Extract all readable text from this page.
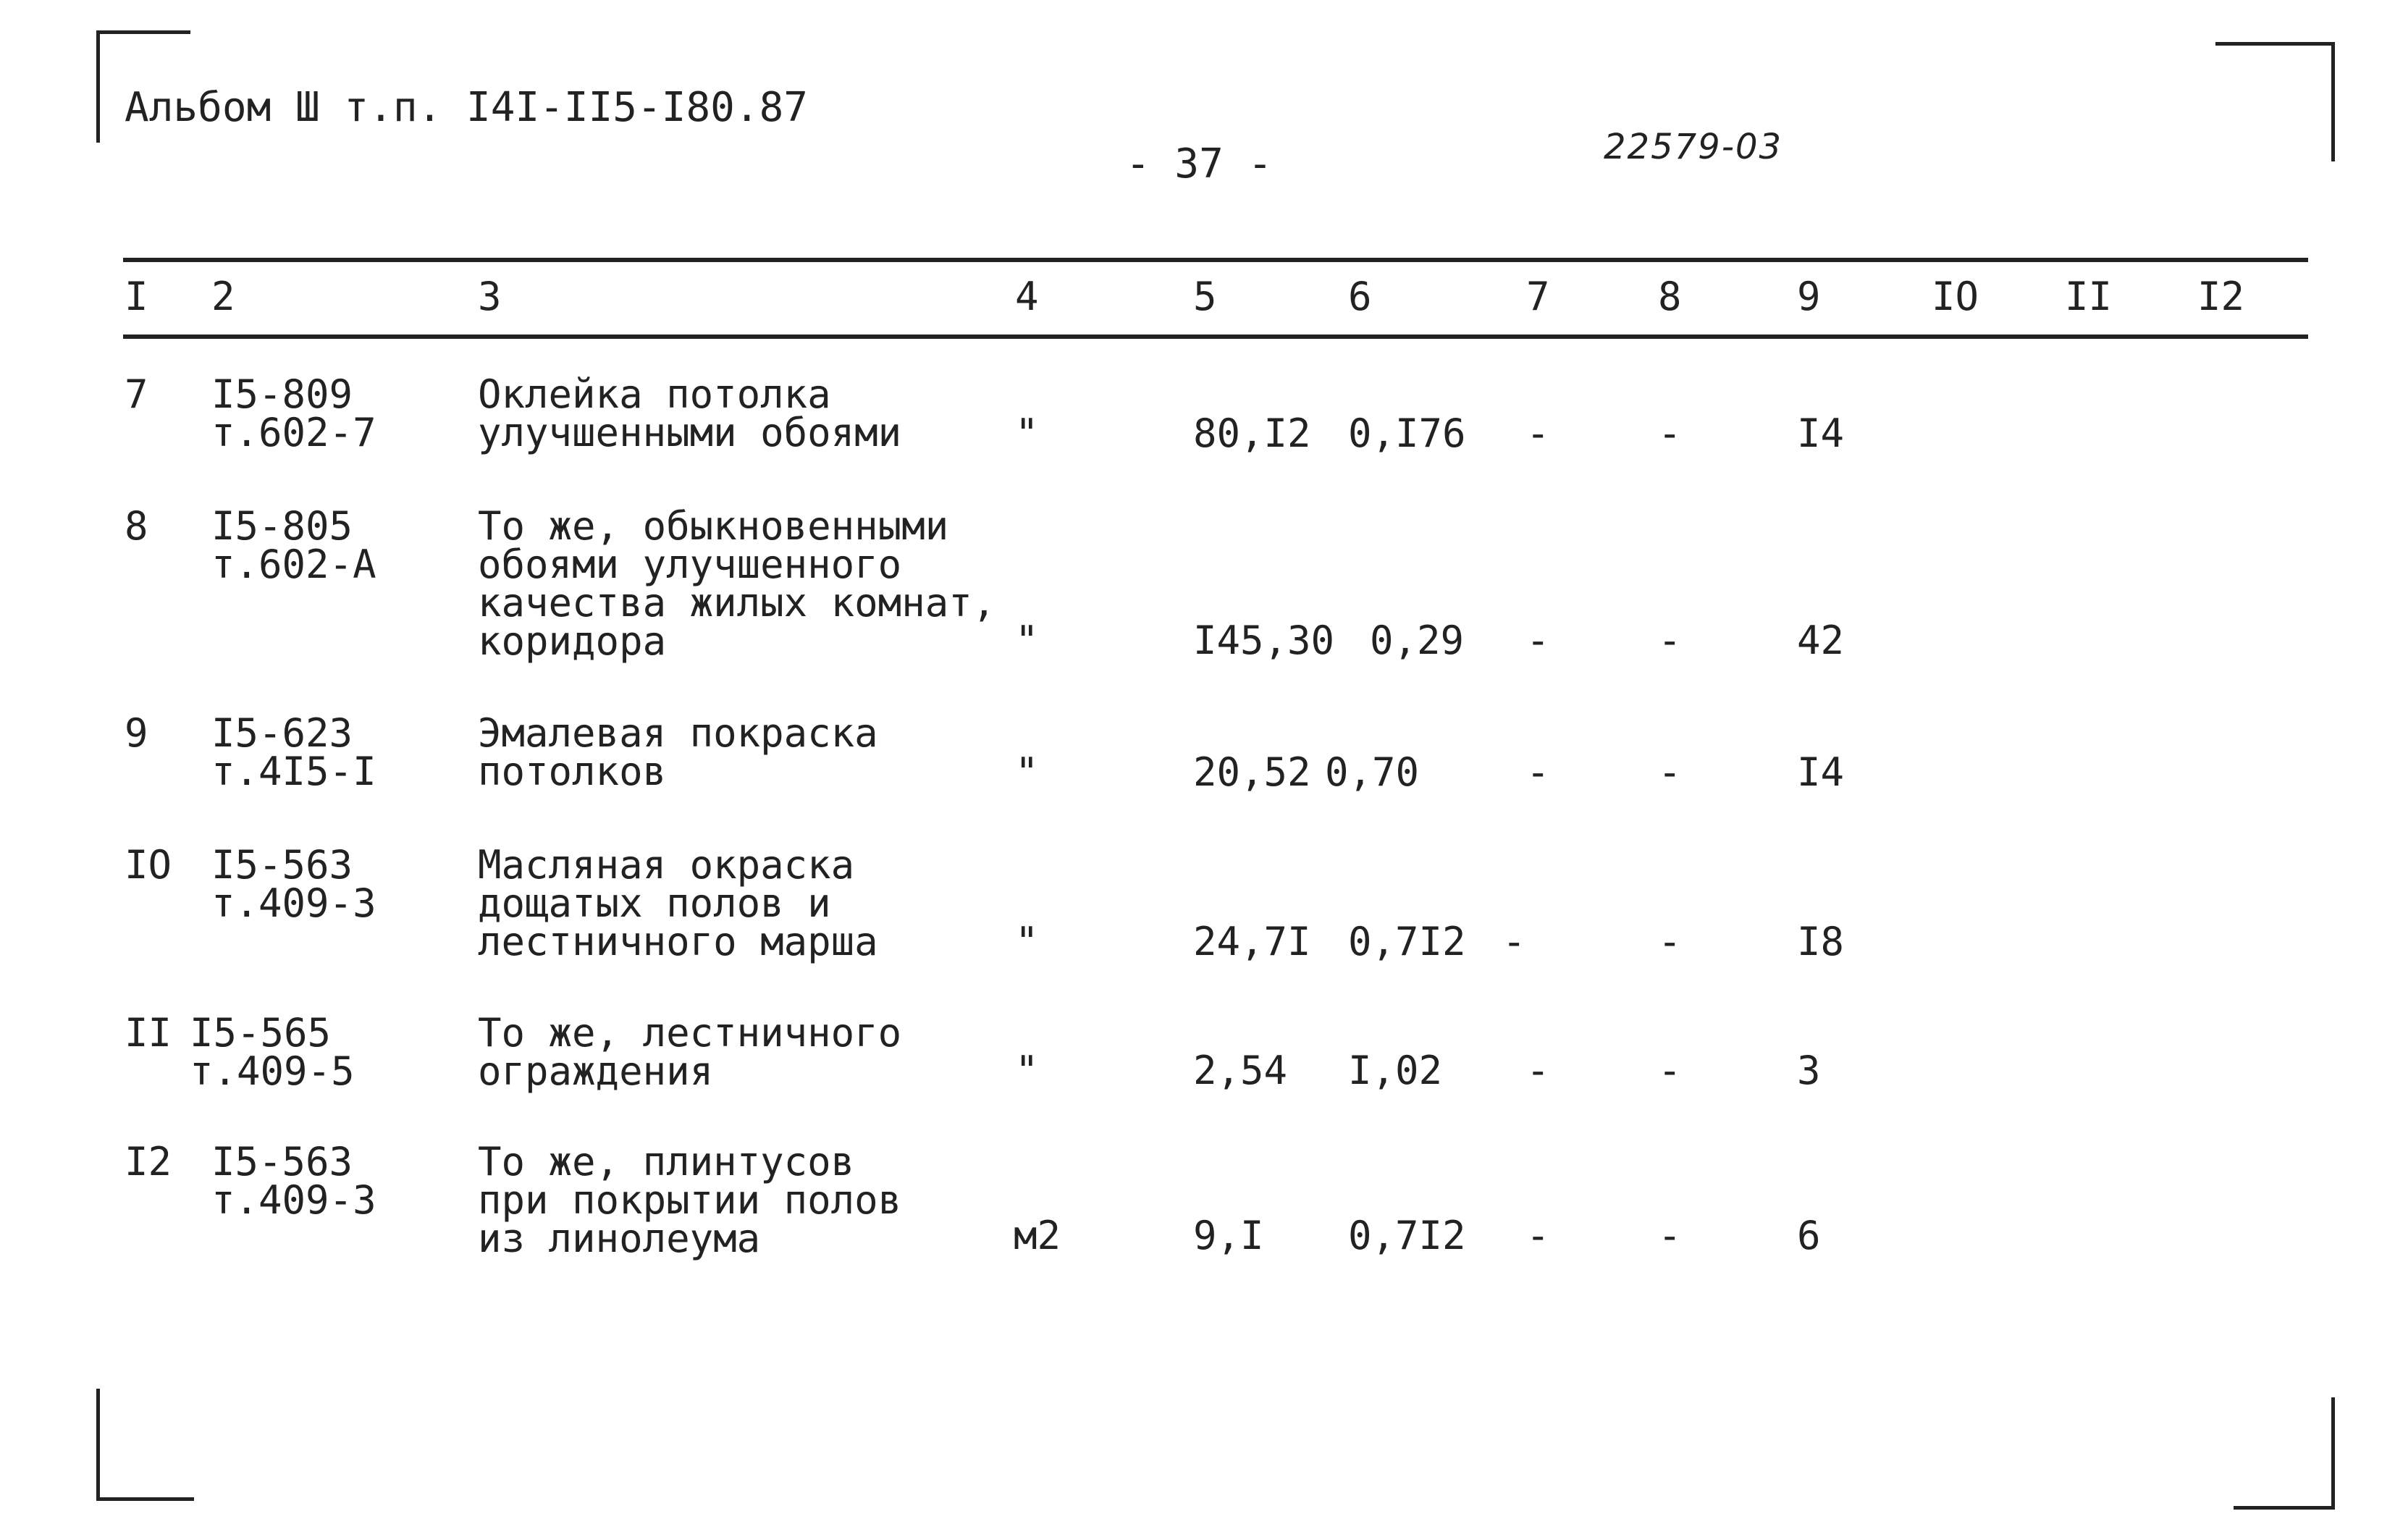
Альбом Ш т.п. I4I-II5-I80.87
- 37 -	22579-03
I 2	3	4	5	6	7	8	9	IO II I2
7 I5-809
т.602-7
Оклейка потолка
улучшенными обоями	"	80,I2 0,I76 -	-	I4
8 I5-805
т.602-А
То же, обыкновенными
обоями улучшенного
качества жилых комнат,
коридора	"	I45,30 0,29 -	-	42
9 I5-623
т.4I5-I
Эмалевая покраска
потолков	"	20,52 0,70	-	-	I4
IO I5-563
т.409-3
Масляная окраска
дощатых полов и
лестничного марша	"	24,7I 0,7I2 -	-	I8
II I5-565
т.409-5
То же, лестничного
ограждения	"	2,54 I,02 -	-	3
I2 I5-563
т.409-3
То же, плинтусов
при покрытии полов
из линолеума	м2	9,I 0,7I2 -	-	6
